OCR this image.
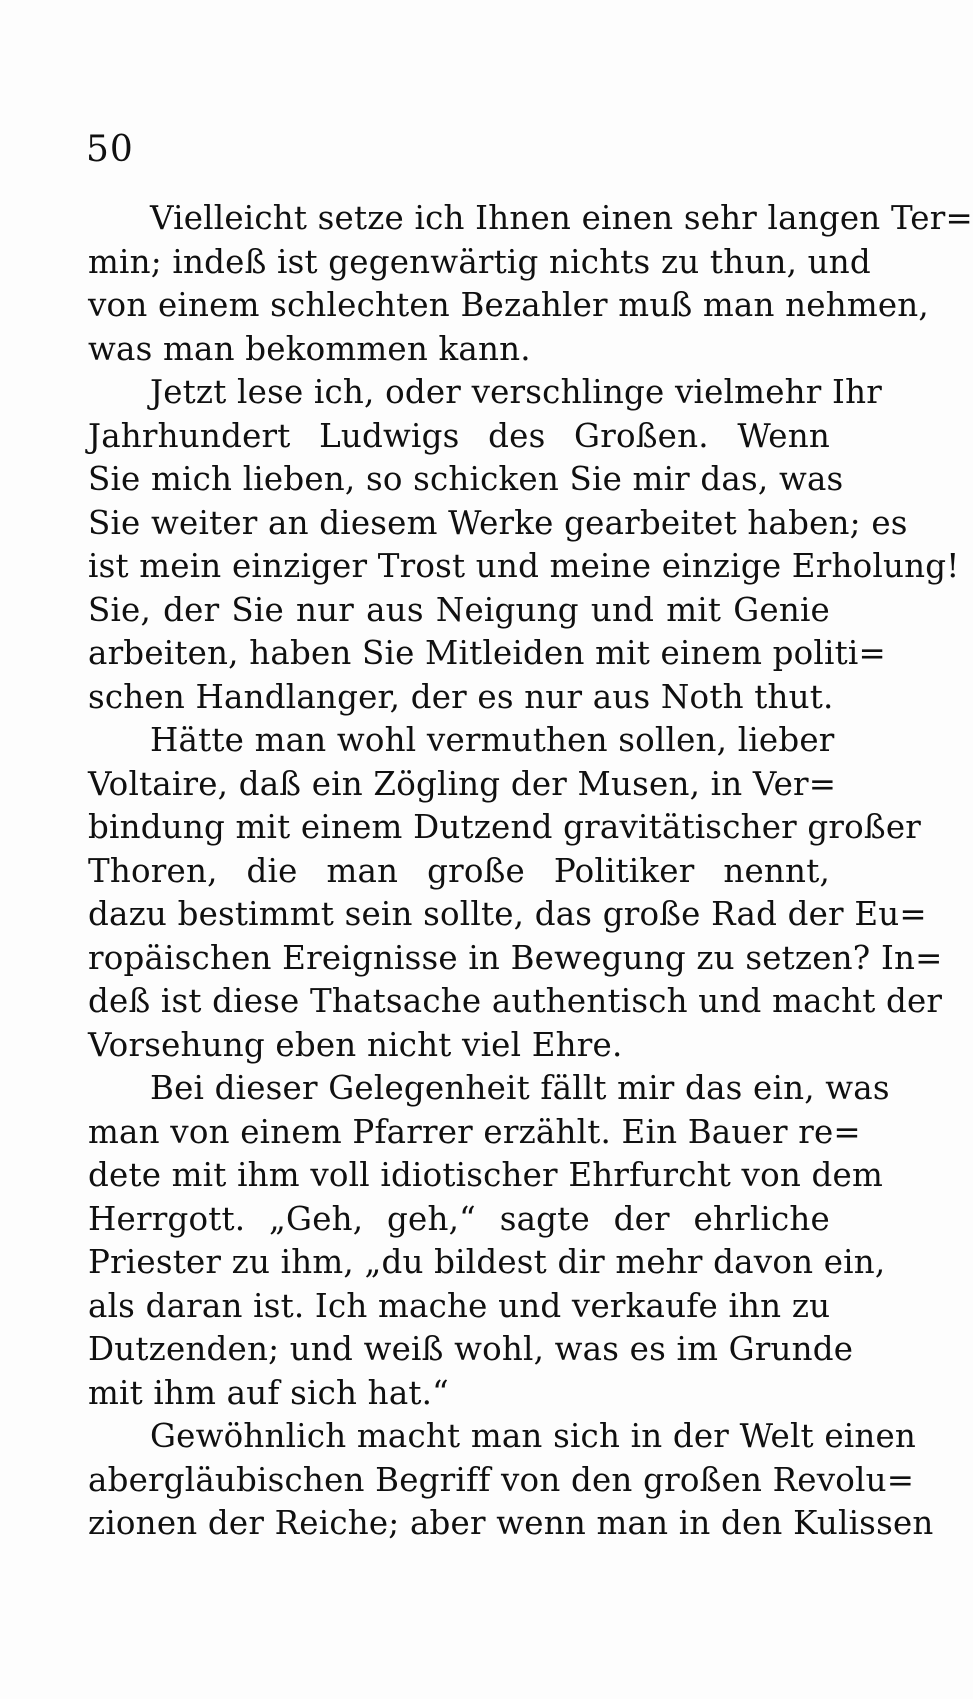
50
Vielleicht setze ich Ihnen einen sehr langen Ter=
min; indeß ist gegenwärtig nichts zu thun, und
von einem schlechten Bezahler muß man nehmen,
was man bekommen kann.
Jetzt lese ich, oder verschlinge vielmehr Ihr
Jahrhundert Ludwigs des Großen. Wenn
Sie mich lieben, so schicken Sie mir das, was
Sie weiter an diesem Werke gearbeitet haben; es
ist mein einziger Trost und meine einzige Erholung!
Sie, der Sie nur aus Neigung und mit Genie
arbeiten, haben Sie Mitleiden mit einem politi=
schen Handlanger, der es nur aus Noth thut.
Hätte man wohl vermuthen sollen, lieber
Voltaire, daß ein Zögling der Musen, in Ver=
bindung mit einem Dutzend gravitätischer großer
Thoren, die man große Politiker nennt,
dazu bestimmt sein sollte, das große Rad der Eu=
ropäischen Ereignisse in Bewegung zu setzen? In=
deß ist diese Thatsache authentisch und macht der
Vorsehung eben nicht viel Ehre.
Bei dieser Gelegenheit fällt mir das ein, was
man von einem Pfarrer erzählt. Ein Bauer re=
dete mit ihm voll idiotischer Ehrfurcht von dem
Herrgott. „Geh, geh,“ sagte der ehrliche
Priester zu ihm, „du bildest dir mehr davon ein,
als daran ist. Ich mache und verkaufe ihn zu
Dutzenden; und weiß wohl, was es im Grunde
mit ihm auf sich hat.“
Gewöhnlich macht man sich in der Welt einen
abergläubischen Begriff von den großen Revolu=
zionen der Reiche; aber wenn man in den Kulissen
